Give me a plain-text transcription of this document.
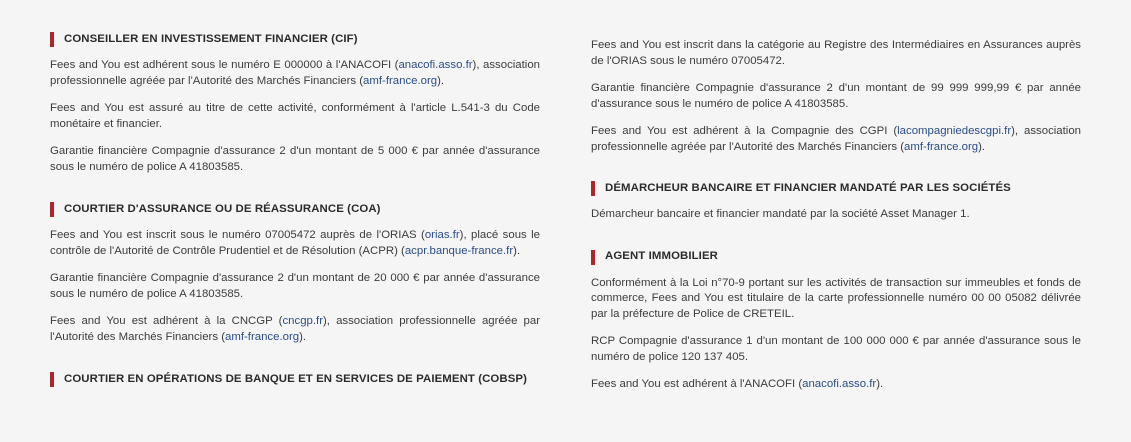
CONSEILLER EN INVESTISSEMENT FINANCIER (CIF)

Fees and You est adhérent sous le numéro E 000000 à l'ANACOFI (anacofi.asso.fr), association professionnelle agréée par l'Autorité des Marchés Financiers (amf-france.org).

Fees and You est assuré au titre de cette activité, conformément à l'article L.541-3 du Code monétaire et financier.

Garantie financière Compagnie d'assurance 2 d'un montant de 5 000 € par année d'assurance sous le numéro de police A 41803585.

COURTIER D'ASSURANCE OU DE RÉASSURANCE (COA)

Fees and You est inscrit sous le numéro 07005472 auprès de l'ORIAS (orias.fr), placé sous le contrôle de l'Autorité de Contrôle Prudentiel et de Résolution (ACPR) (acpr.banque-france.fr).

Garantie financière Compagnie d'assurance 2 d'un montant de 20 000 € par année d'assurance sous le numéro de police A 41803585.

Fees and You est adhérent à la CNCGP (cncgp.fr), association professionnelle agréée par l'Autorité des Marchés Financiers (amf-france.org).

COURTIER EN OPÉRATIONS DE BANQUE ET EN SERVICES DE PAIEMENT (COBSP)

Fees and You est inscrit dans la catégorie au Registre des Intermédiaires en Assurances auprès de l'ORIAS sous le numéro 07005472.

Garantie financière Compagnie d'assurance 2 d'un montant de 99 999 999,99 € par année d'assurance sous le numéro de police A 41803585.

Fees and You est adhérent à la Compagnie des CGPI (lacompagniedescgpi.fr), association professionnelle agréée par l'Autorité des Marchés Financiers (amf-france.org).

DÉMARCHEUR BANCAIRE ET FINANCIER MANDATÉ PAR LES SOCIÉTÉS

Démarcheur bancaire et financier mandaté par la société Asset Manager 1.

AGENT IMMOBILIER

Conformément à la Loi n°70-9 portant sur les activités de transaction sur immeubles et fonds de commerce, Fees and You est titulaire de la carte professionnelle numéro 00 00 05082 délivrée par la préfecture de Police de CRETEIL.

RCP Compagnie d'assurance 1 d'un montant de 100 000 000 € par année d'assurance sous le numéro de police 120 137 405.

Fees and You est adhérent à l'ANACOFI (anacofi.asso.fr).
